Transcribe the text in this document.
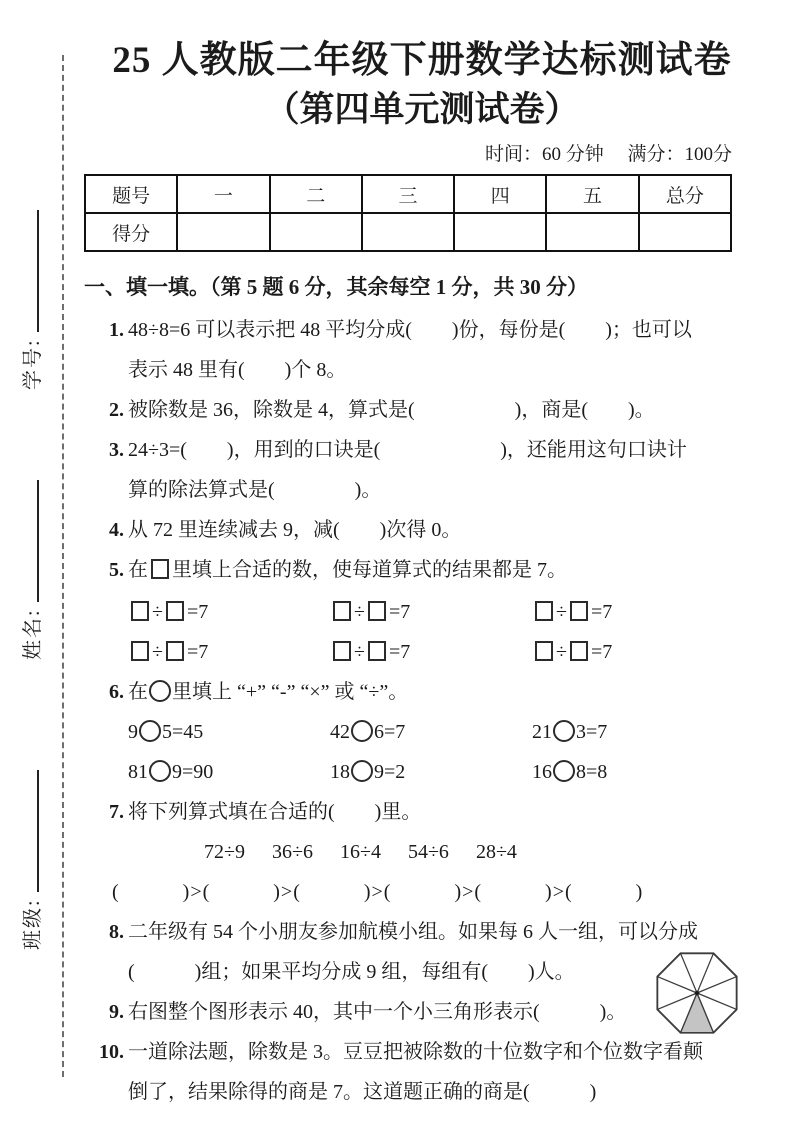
学号:
姓名:
班级:
25 人教版二年级下册数学达标测试卷
（第四单元测试卷）
时间：60 分钟　 满分：100分
题号	一	二	三	四	五	总分
得分						
一、填一填。（第 5 题 6 分，其余每空 1 分，共 30 分）
1. 48÷8=6 可以表示把 48 平均分成(　　)份，每份是(　　)；也可以
表示 48 里有(　　)个 8。
2. 被除数是 36，除数是 4，算式是(　　　　　)，商是(　　)。
3. 24÷3=(　　)，用到的口诀是(　　　　　　)，还能用这句口诀计
算的除法算式是(　　　　)。
4. 从 72 里连续减去 9，减(　　)次得 0。
5. 在 里填上合适的数，使每道算式的结果都是 7。
÷ =7	÷ =7	÷ =7
÷ =7	÷ =7	÷ =7
6. 在 里填上 “+” “-” “×” 或 “÷”。
9 5=45	42 6=7	21 3=7
81 9=90	18 9=2	16 8=8
7. 将下列算式填在合适的(　　)里。
72÷9 36÷6 16÷4 54÷6 28÷4
(　　　)>(　　　)>(　　　)>(　　　)>(　　　)>(　　　)
8. 二年级有 54 个小朋友参加航模小组。如果每 6 人一组，可以分成
(　　　)组；如果平均分成 9 组，每组有(　　)人。
9. 右图整个图形表示 40，其中一个小三角形表示(　　　)。
10. 一道除法题，除数是 3。豆豆把被除数的十位数字和个位数字看颠
倒了，结果除得的商是 7。这道题正确的商是(　　　)
